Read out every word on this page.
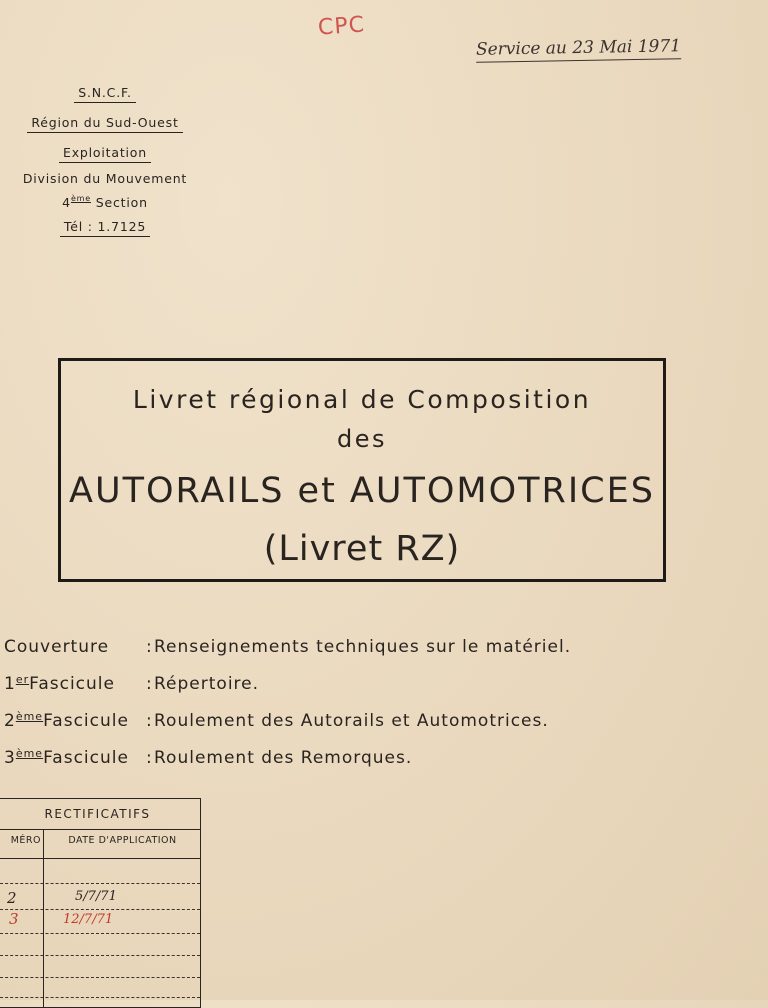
CPC
Service au 23 Mai 1971
S.N.C.F.
Région du Sud-Ouest
Exploitation
Division du Mouvement
4ème Section
Tél : 1.7125
Livret régional de Composition
des
AUTORAILS et AUTOMOTRICES
(Livret RZ)
Couverture :Renseignements techniques sur le matériel.
1erFascicule :Répertoire.
2èmeFascicule :Roulement des Autorails et Automotrices.
3èmeFascicule :Roulement des Remorques.
RECTIFICATIFS
MÉRO	DATE D'APPLICATION
2	5/7/71
3	12/7/71
